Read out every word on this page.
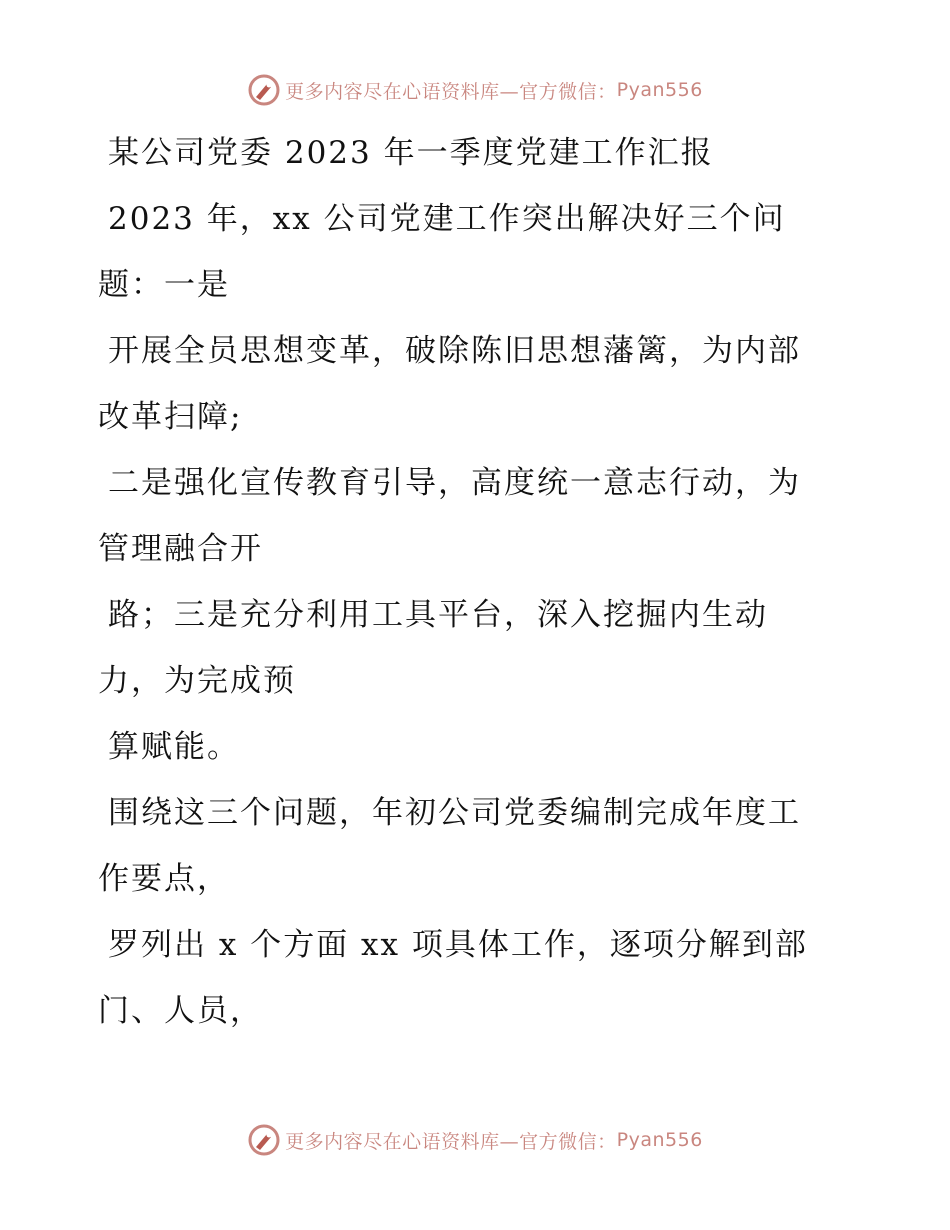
更多内容尽在心语资料库—官方微信： Pyan556
某公司党委 2023 年一季度党建工作汇报
2023 年，xx 公司党建工作突出解决好三个问
题：一是
开展全员思想变革，破除陈旧思想藩篱，为内部
改革扫障;
二是强化宣传教育引导，高度统一意志行动，为
管理融合开
路；三是充分利用工具平台，深入挖掘内生动
力，为完成预
算赋能。
围绕这三个问题，年初公司党委编制完成年度工
作要点，
罗列出 x 个方面 xx 项具体工作，逐项分解到部
门、人员，
更多内容尽在心语资料库—官方微信： Pyan556
